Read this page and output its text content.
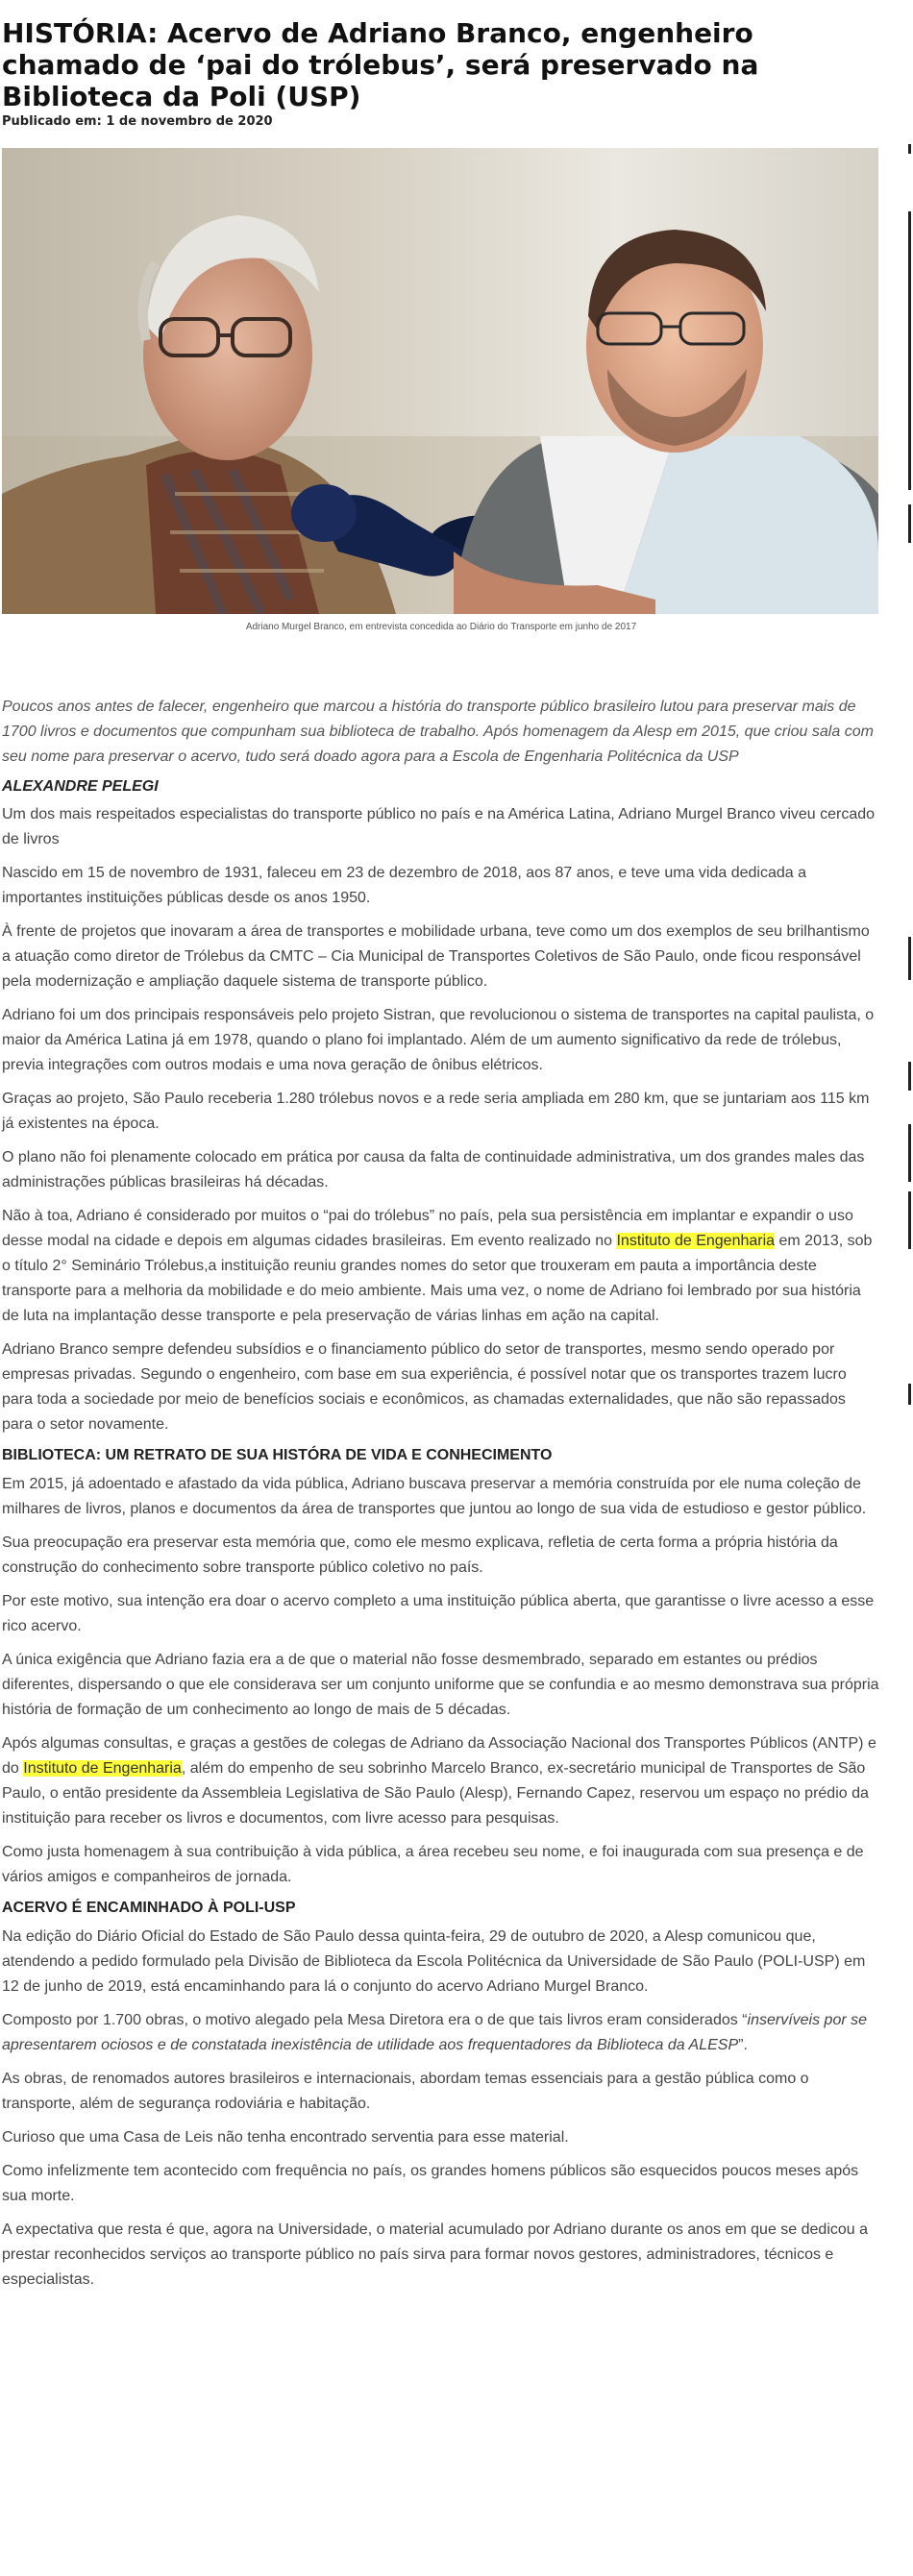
HISTÓRIA: Acervo de Adriano Branco, engenheiro chamado de ‘pai do trólebus’, será preservado na Biblioteca da Poli (USP)
Publicado em: 1 de novembro de 2020
Adriano Murgel Branco, em entrevista concedida ao Diário do Transporte em junho de 2017

Poucos anos antes de falecer, engenheiro que marcou a história do transporte público brasileiro lutou para preservar mais de 1700 livros e documentos que compunham sua biblioteca de trabalho. Após homenagem da Alesp em 2015, que criou sala com seu nome para preservar o acervo, tudo será doado agora para a Escola de Engenharia Politécnica da USP

ALEXANDRE PELEGI

Um dos mais respeitados especialistas do transporte público no país e na América Latina, Adriano Murgel Branco viveu cercado de livros

Nascido em 15 de novembro de 1931, faleceu em 23 de dezembro de 2018, aos 87 anos, e teve uma vida dedicada a importantes instituições públicas desde os anos 1950.

À frente de projetos que inovaram a área de transportes e mobilidade urbana, teve como um dos exemplos de seu brilhantismo a atuação como diretor de Trólebus da CMTC – Cia Municipal de Transportes Coletivos de São Paulo, onde ficou responsável pela modernização e ampliação daquele sistema de transporte público.

Adriano foi um dos principais responsáveis pelo projeto Sistran, que revolucionou o sistema de transportes na capital paulista, o maior da América Latina já em 1978, quando o plano foi implantado. Além de um aumento significativo da rede de trólebus, previa integrações com outros modais e uma nova geração de ônibus elétricos.

Graças ao projeto, São Paulo receberia 1.280 trólebus novos e a rede seria ampliada em 280 km, que se juntariam aos 115 km já existentes na época.

O plano não foi plenamente colocado em prática por causa da falta de continuidade administrativa, um dos grandes males das administrações públicas brasileiras há décadas.

Não à toa, Adriano é considerado por muitos o “pai do trólebus” no país, pela sua persistência em implantar e expandir o uso desse modal na cidade e depois em algumas cidades brasileiras. Em evento realizado no Instituto de Engenharia em 2013, sob o título 2° Seminário Trólebus,a instituição reuniu grandes nomes do setor que trouxeram em pauta a importância deste transporte para a melhoria da mobilidade e do meio ambiente. Mais uma vez, o nome de Adriano foi lembrado por sua história de luta na implantação desse transporte e pela preservação de várias linhas em ação na capital.

Adriano Branco sempre defendeu subsídios e o financiamento público do setor de transportes, mesmo sendo operado por empresas privadas. Segundo o engenheiro, com base em sua experiência, é possível notar que os transportes trazem lucro para toda a sociedade por meio de benefícios sociais e econômicos, as chamadas externalidades, que não são repassados para o setor novamente.

BIBLIOTECA: UM RETRATO DE SUA HISTÓRA DE VIDA E CONHECIMENTO

Em 2015, já adoentado e afastado da vida pública, Adriano buscava preservar a memória construída por ele numa coleção de milhares de livros, planos e documentos da área de transportes que juntou ao longo de sua vida de estudioso e gestor público.

Sua preocupação era preservar esta memória que, como ele mesmo explicava, refletia de certa forma a própria história da construção do conhecimento sobre transporte público coletivo no país.

Por este motivo, sua intenção era doar o acervo completo a uma instituição pública aberta, que garantisse o livre acesso a esse rico acervo.

A única exigência que Adriano fazia era a de que o material não fosse desmembrado, separado em estantes ou prédios diferentes, dispersando o que ele considerava ser um conjunto uniforme que se confundia e ao mesmo demonstrava sua própria história de formação de um conhecimento ao longo de mais de 5 décadas.

Após algumas consultas, e graças a gestões de colegas de Adriano da Associação Nacional dos Transportes Públicos (ANTP) e do Instituto de Engenharia, além do empenho de seu sobrinho Marcelo Branco, ex-secretário municipal de Transportes de São Paulo, o então presidente da Assembleia Legislativa de São Paulo (Alesp), Fernando Capez, reservou um espaço no prédio da instituição para receber os livros e documentos, com livre acesso para pesquisas.

Como justa homenagem à sua contribuição à vida pública, a área recebeu seu nome, e foi inaugurada com sua presença e de vários amigos e companheiros de jornada.

ACERVO É ENCAMINHADO À POLI-USP

Na edição do Diário Oficial do Estado de São Paulo dessa quinta-feira, 29 de outubro de 2020, a Alesp comunicou que, atendendo a pedido formulado pela Divisão de Biblioteca da Escola Politécnica da Universidade de São Paulo (POLI-USP) em 12 de junho de 2019, está encaminhando para lá o conjunto do acervo Adriano Murgel Branco.

Composto por 1.700 obras, o motivo alegado pela Mesa Diretora era o de que tais livros eram considerados “inservíveis por se apresentarem ociosos e de constatada inexistência de utilidade aos frequentadores da Biblioteca da ALESP”.

As obras, de renomados autores brasileiros e internacionais, abordam temas essenciais para a gestão pública como o transporte, além de segurança rodoviária e habitação.

Curioso que uma Casa de Leis não tenha encontrado serventia para esse material.

Como infelizmente tem acontecido com frequência no país, os grandes homens públicos são esquecidos poucos meses após sua morte.

A expectativa que resta é que, agora na Universidade, o material acumulado por Adriano durante os anos em que se dedicou a prestar reconhecidos serviços ao transporte público no país sirva para formar novos gestores, administradores, técnicos e especialistas.
